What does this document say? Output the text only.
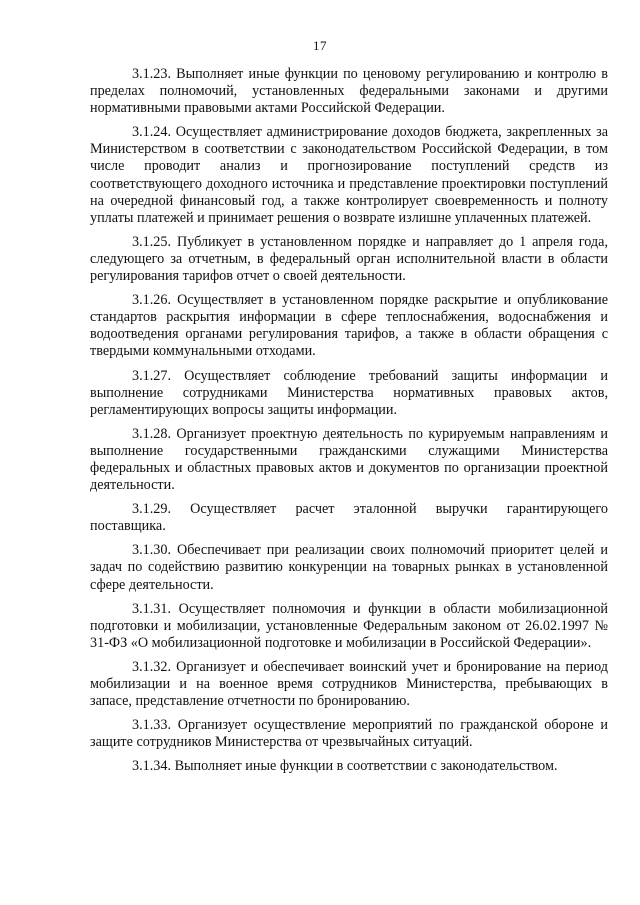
17

3.1.23. Выполняет иные функции по ценовому регулированию и контролю в пределах полномочий, установленных федеральными законами и другими нормативными правовыми актами Российской Федерации.

3.1.24. Осуществляет администрирование доходов бюджета, закрепленных за Министерством в соответствии с законодательством Российской Федерации, в том числе проводит анализ и прогнозирование поступлений средств из соответствующего доходного источника и представление проектировки поступлений на очередной финансовый год, а также контролирует своевременность и полноту уплаты платежей и принимает решения о возврате излишне уплаченных платежей.

3.1.25. Публикует в установленном порядке и направляет до 1 апреля года, следующего за отчетным, в федеральный орган исполнительной власти в области регулирования тарифов отчет о своей деятельности.

3.1.26. Осуществляет в установленном порядке раскрытие и опубликование стандартов раскрытия информации в сфере теплоснабжения, водоснабжения и водоотведения органами регулирования тарифов, а также в области обращения с твердыми коммунальными отходами.

3.1.27. Осуществляет соблюдение требований защиты информации и выполнение сотрудниками Министерства нормативных правовых актов, регламентирующих вопросы защиты информации.

3.1.28. Организует проектную деятельность по курируемым направлениям и выполнение государственными гражданскими служащими Министерства федеральных и областных правовых актов и документов по организации проектной деятельности.

3.1.29. Осуществляет расчет эталонной выручки гарантирующего поставщика.

3.1.30. Обеспечивает при реализации своих полномочий приоритет целей и задач по содействию развитию конкуренции на товарных рынках в установленной сфере деятельности.

3.1.31. Осуществляет полномочия и функции в области мобилизационной подготовки и мобилизации, установленные Федеральным законом от 26.02.1997 № 31-ФЗ «О мобилизационной подготовке и мобилизации в Российской Федерации».

3.1.32. Организует и обеспечивает воинский учет и бронирование на период мобилизации и на военное время сотрудников Министерства, пребывающих в запасе, представление отчетности по бронированию.

3.1.33. Организует осуществление мероприятий по гражданской обороне и защите сотрудников Министерства от чрезвычайных ситуаций.

3.1.34. Выполняет иные функции в соответствии с законодательством.
